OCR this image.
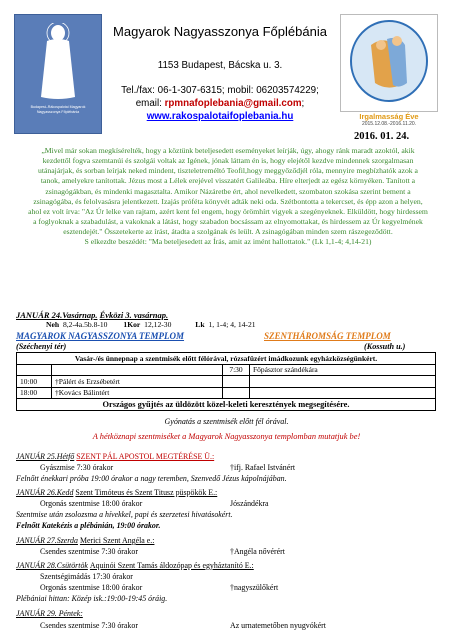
Budapest–Rákospalotai Magyarok Nagyasszonya Főplébánia
Irgalmasság Éve
2015.12.08.-2016.11.20.
Magyarok Nagyasszonya Főplébánia
1153 Budapest, Bácska u. 3.
Tel./fax: 06-1-307-6315; mobil: 06203574229;
email: rpmnafoplebania@gmail.com;
www.rakospalotaifoplebania.hu
2016. 01. 24.
„Mivel már sokan megkísérelték, hogy a köztünk beteljesedett eseményeket leírják, úgy, ahogy ránk maradt azoktól, akik kezdettől fogva szemtanúi és szolgái voltak az Igének, jónak láttam én is, hogy elejétől kezdve mindennek szorgalmasan utánajárjak, és sorban leírjak neked mindent, tiszteletreméltó Teofil,hogy meggyőződjél róla, mennyire megbízhatók azok a tanok, amelyekre tanítottak. Jézus most a Lélek erejével visszatért Galileába. Híre elterjedt az egész környéken. Tanított a zsinagógákban, és mindenki magasztalta. Amikor Názáretbe ért, ahol nevelkedett, szombaton szokása szerint bement a zsinagógába, és felolvasásra jelentkezett. Izajás próféta könyvét adták neki oda. Szétbontotta a tekercset, és épp azon a helyen, ahol ez volt írva: "Az Úr lelke van rajtam, azért kent fel engem, hogy örömhírt vigyek a szegényeknek. Elküldött, hogy hirdessem a foglyoknak a szabadulást, a vakoknak a látást, hogy szabadon bocsássam az elnyomottakat, és hirdessem az Úr kegyelmének esztendejét." Összetekerte az írást, átadta a szolgának és leült. A zsinagógában minden szem rászegeződött.
S elkezdte beszédét: "Ma beteljesedett az Írás, amit az imént hallottatok." (Lk 1,1-4; 4,14-21)
JANUÁR 24.Vasárnap. Évközi 3. vasárnap.
Neh 8,2-4a.5b.8-10 1Kor 12,12-30	Lk 1, 1-4; 4, 14-21
MAGYAROK NAGYASSZONYA TEMPLOM
(Széchenyi tér)
SZENTHÁROMSÁG TEMPLOM
(Kossuth u.)
Vasár-/és ünnepnap a szentmisék előtt félórával, rózsafüzért imádkozunk egyházközségünkért.			
		7:30	Főpásztor szándékára
10:00	†Pálért és Erzsébetért		
18:00	†Kovács Bálintért		
Országos gyűjtés az üldözött közel-keleti keresztények megsegítésére.			
Gyónatás a szentmisék előtt fél órával.
A hétköznapi szentmiséket a Magyarok Nagyasszonya templomban mutatjuk be!
JANUÁR 25.Hétfő SZENT PÁL APOSTOL MEGTÉRÉSE Ü.:
Gyászmise 7:30 órakor	†ifj. Rafael Istvánért
Felnőtt énekkari próba 19:00 órakor a nagy teremben, Szenvedő Jézus kápolnájában.
JANUÁR 26.Kedd Szent Timóteus és Szent Titusz püspökök E.:
Orgonás szentmise 18:00 órakor	Jószándékra
Szentmise után zsolozsma a hívekkel, papi és szerzetesi hivatásokért.
Felnőtt Katekézis a plébánián, 19:00 órakor.
JANUÁR 27.Szerda Merici Szent Angéla e.:
Csendes szentmise 7:30 órakor	†Angéla nővérért
JANUÁR 28.Csütörtök Aquinói Szent Tamás áldozópap és egyháztanító E.:
Szentségimádás 17:30 órakor
Orgonás szentmise 18:00 órakor	†nagyszülőkért
Plébániai hittan: Közép isk.:19:00-19:45 óráig.
JANUÁR 29. Péntek:
Csendes szentmise 7:30 órakor	Az urnatemetőben nyugvókért
